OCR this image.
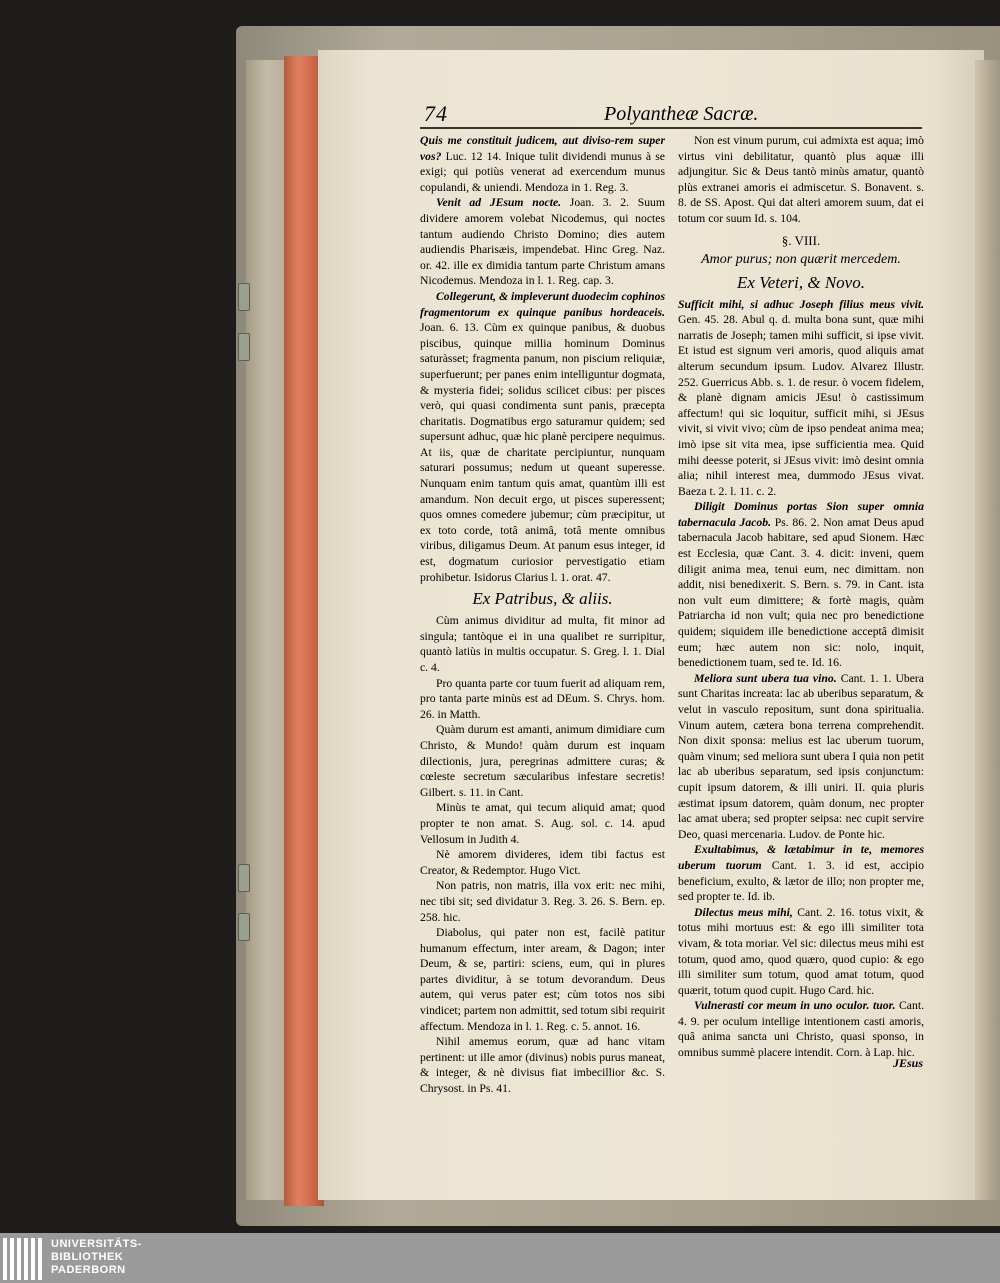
74	Polyantheæ Sacræ.

Quis me constituit judicem, aut diviso-rem super vos? Luc. 12 14. Inique tulit dividendi munus à se exigi; qui potiùs venerat ad exercendum munus copulandi, & uniendi. Mendoza in 1. Reg. 3.

Venit ad JEsum nocte. Joan. 3. 2. Suum dividere amorem volebat Nicodemus, qui noctes tantum audiendo Christo Domino; dies autem audiendis Pharisæis, impendebat. Hinc Greg. Naz. or. 42. ille ex dimidia tantum parte Christum amans Nicodemus. Mendoza in l. 1. Reg. cap. 3.

Collegerunt, & impleverunt duodecim cophinos fragmentorum ex quinque panibus hordeaceis. Joan. 6. 13. Cùm ex quinque panibus, & duobus piscibus, quinque millia hominum Dominus saturàsset; fragmenta panum, non piscium reliquiæ, superfuerunt; per panes enim intelliguntur dogmata, & mysteria fidei; solidus scilicet cibus: per pisces verò, qui quasi condimenta sunt panis, præcepta charitatis. Dogmatibus ergo saturamur quidem; sed supersunt adhuc, quæ hic planè percipere nequimus. At iis, quæ de charitate percipiuntur, nunquam saturari possumus; nedum ut queant superesse. Nunquam enim tantum quis amat, quantùm illi est amandum. Non decuit ergo, ut pisces superessent; quos omnes comedere jubemur; cùm præcipitur, ut ex toto corde, totâ animâ, totâ mente omnibus viribus, diligamus Deum. At panum esus integer, id est, dogmatum curiosior pervestigatio etiam prohibetur. Isidorus Clarius l. 1. orat. 47.

Ex Patribus, & aliis.

Cùm animus dividitur ad multa, fit minor ad singula; tantòque ei in una qualibet re surripitur, quantò latiùs in multis occupatur. S. Greg. l. 1. Dial c. 4.

Pro quanta parte cor tuum fuerit ad aliquam rem, pro tanta parte minùs est ad DEum. S. Chrys. hom. 26. in Matth.

Quàm durum est amanti, animum dimidiare cum Christo, & Mundo! quàm durum est inquam dilectionis, jura, peregrinas admittere curas; & cœleste secretum sæcularibus infestare secretis! Gilbert. s. 11. in Cant.

Minùs te amat, qui tecum aliquid amat; quod propter te non amat. S. Aug. sol. c. 14. apud Vellosum in Judith 4.

Nè amorem divideres, idem tibi factus est Creator, & Redemptor. Hugo Vict.

Non patris, non matris, illa vox erit: nec mihi, nec tibi sit; sed dividatur 3. Reg. 3. 26. S. Bern. ep. 258. hic.

Diabolus, qui pater non est, facilè patitur humanum effectum, inter aream, & Dagon; inter Deum, & se, partiri: sciens, eum, qui in plures partes dividitur, à se totum devorandum. Deus autem, qui verus pater est; cùm totos nos sibi vindicet; partem non admittit, sed totum sibi requirit affectum. Mendoza in l. 1. Reg. c. 5. annot. 16.

Nihil amemus eorum, quæ ad hanc vitam pertinent: ut ille amor (divinus) nobis purus maneat, & integer, & nè divisus fiat imbecillior &c. S. Chrysost. in Ps. 41.

Non est vinum purum, cui admixta est aqua; imò virtus vini debilitatur, quantò plus aquæ illi adjungitur. Sic & Deus tantò minùs amatur, quantò plùs extranei amoris ei admiscetur. S. Bonavent. s. 8. de SS. Apost. Qui dat alteri amorem suum, dat ei totum cor suum Id. s. 104.

§. VIII.
Amor purus; non quærit mercedem.
Ex Veteri, & Novo.

Sufficit mihi, si adhuc Joseph filius meus vivit. Gen. 45. 28. Abul q. d. multa bona sunt, quæ mihi narratis de Joseph; tamen mihi sufficit, si ipse vivit. Et istud est signum veri amoris, quod aliquis amat alterum secundum ipsum. Ludov. Alvarez Illustr. 252. Guerricus Abb. s. 1. de resur. ò vocem fidelem, & planè dignam amicis JEsu! ò castissimum affectum! qui sic loquitur, sufficit mihi, si JEsus vivit, si vivit vivo; cùm de ipso pendeat anima mea; imò ipse sit vita mea, ipse sufficientia mea. Quid mihi deesse poterit, si JEsus vivit: imò desint omnia alia; nihil interest mea, dummodo JEsus vivat. Baeza t. 2. l. 11. c. 2.

Diligit Dominus portas Sion super omnia tabernacula Jacob. Ps. 86. 2. Non amat Deus apud tabernacula Jacob habitare, sed apud Sionem. Hæc est Ecclesia, quæ Cant. 3. 4. dicit: inveni, quem diligit anima mea, tenui eum, nec dimittam. non addit, nisi benedixerit. S. Bern. s. 79. in Cant. ista non vult eum dimittere; & fortè magis, quàm Patriarcha id non vult; quia nec pro benedictione quidem; siquidem ille benedictione acceptâ dimisit eum; hæc autem non sic: nolo, inquit, benedictionem tuam, sed te. Id. 16.

Meliora sunt ubera tua vino. Cant. 1. 1. Ubera sunt Charitas increata: lac ab uberibus separatum, & velut in vasculo repositum, sunt dona spiritualia. Vinum autem, cætera bona terrena comprehendit. Non dixit sponsa: melius est lac uberum tuorum, quàm vinum; sed meliora sunt ubera I quia non petit lac ab uberibus separatum, sed ipsis conjunctum: cupit ipsum datorem, & illi uniri. II. quia pluris æstimat ipsum datorem, quàm donum, nec propter lac amat ubera; sed propter seipsa: nec cupit servire Deo, quasi mercenaria. Ludov. de Ponte hic.

Exultabimus, & lætabimur in te, memores uberum tuorum Cant. 1. 3. id est, accipio beneficium, exulto, & lætor de illo; non propter me, sed propter te. Id. ib.

Dilectus meus mihi, Cant. 2. 16. totus vixit, & totus mihi mortuus est: & ego illi similiter tota vivam, & tota moriar. Vel sic: dilectus meus mihi est totum, quod amo, quod quæro, quod cupio: & ego illi similiter sum totum, quod amat totum, quod quærit, totum quod cupit. Hugo Card. hic.

Vulnerasti cor meum in uno oculor. tuor. Cant. 4. 9. per oculum intellige intentionem casti amoris, quâ anima sancta uni Christo, quasi sponso, in omnibus summè placere intendit. Corn. à Lap. hic.

JEsus
UNIVERSITÄTS-
BIBLIOTHEK
PADERBORN
